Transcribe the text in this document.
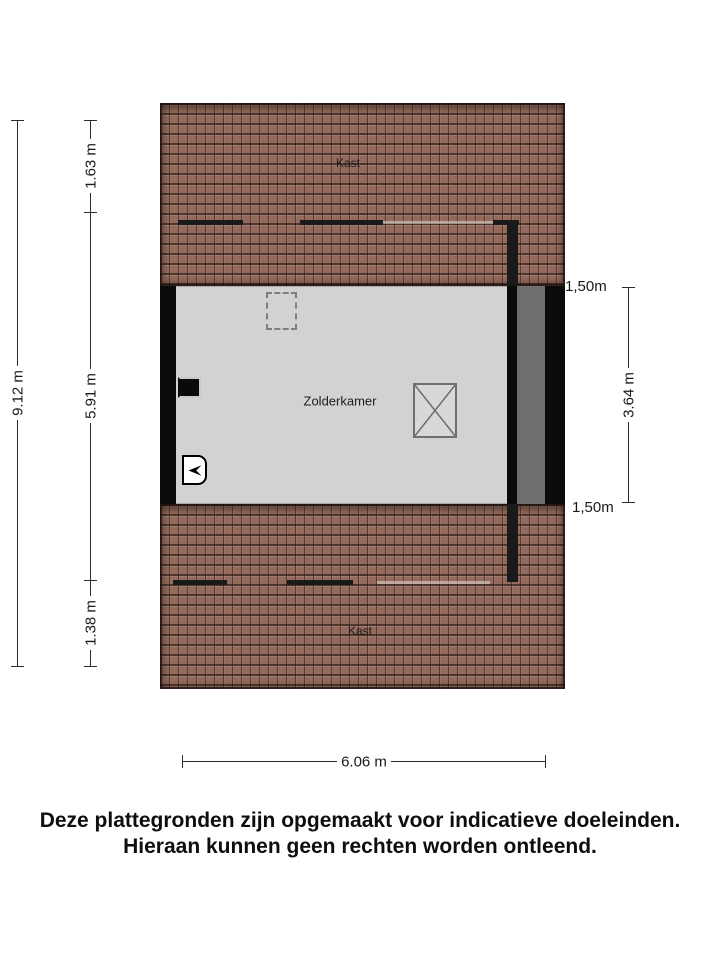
Kast
Zolderkamer
Kast
9.12 m
1.63 m
5.91 m
1.38 m
3.64 m
1,50m
1,50m
6.06 m
Deze plattegronden zijn opgemaakt voor indicatieve doeleinden.
Hieraan kunnen geen rechten worden ontleend.
